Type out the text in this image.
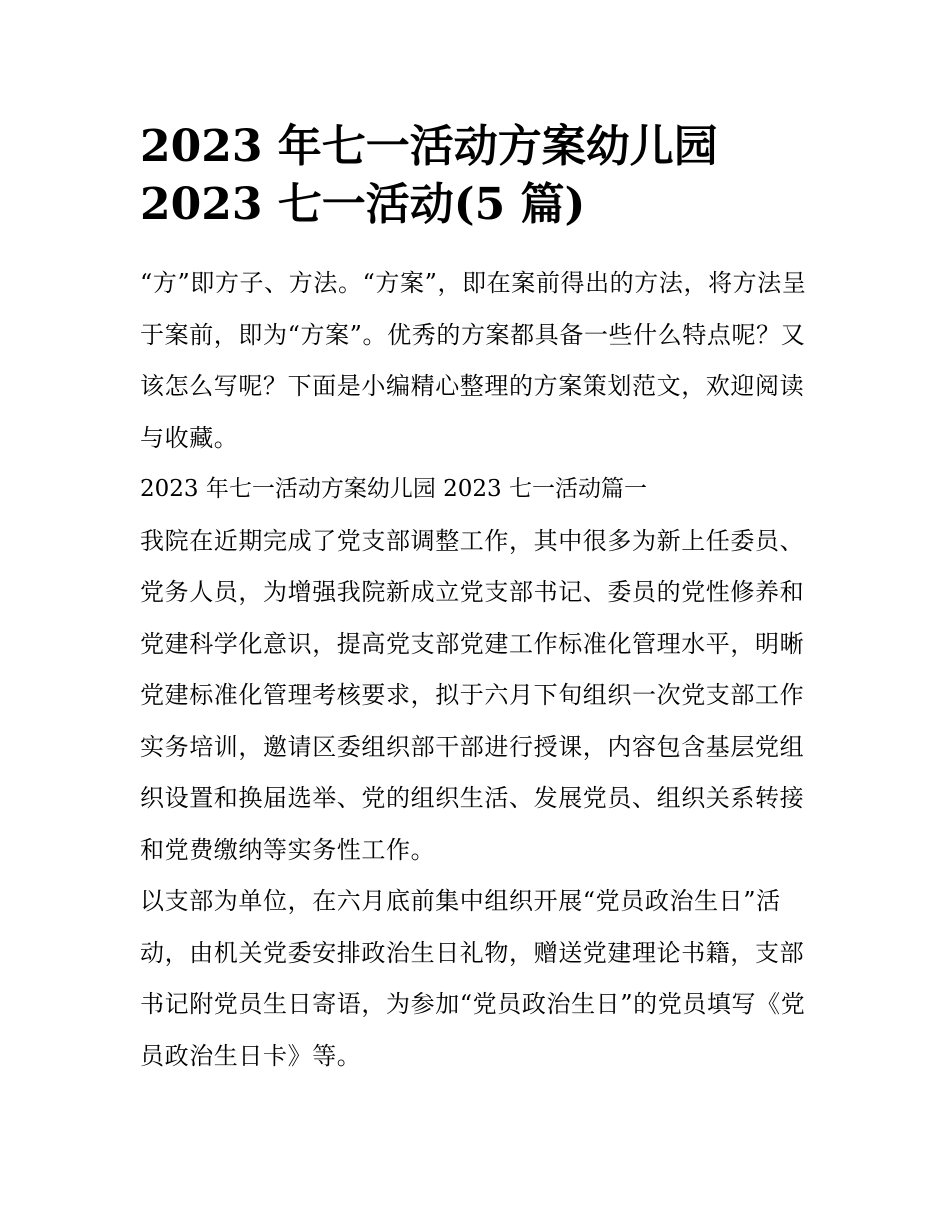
2023 年七一活动方案幼儿园
2023 七一活动(5 篇)

“方”即方子、方法。“方案”，即在案前得出的方法，将方法呈
于案前，即为“方案”。优秀的方案都具备一些什么特点呢？又
该怎么写呢？下面是小编精心整理的方案策划范文，欢迎阅读
与收藏。

2023 年七一活动方案幼儿园 2023 七一活动篇一

我院在近期完成了党支部调整工作，其中很多为新上任委员、
党务人员，为增强我院新成立党支部书记、委员的党性修养和
党建科学化意识，提高党支部党建工作标准化管理水平，明晰
党建标准化管理考核要求，拟于六月下旬组织一次党支部工作
实务培训，邀请区委组织部干部进行授课，内容包含基层党组
织设置和换届选举、党的组织生活、发展党员、组织关系转接
和党费缴纳等实务性工作。

以支部为单位，在六月底前集中组织开展“党员政治生日”活
动，由机关党委安排政治生日礼物，赠送党建理论书籍，支部
书记附党员生日寄语，为参加“党员政治生日”的党员填写《党
员政治生日卡》等。
